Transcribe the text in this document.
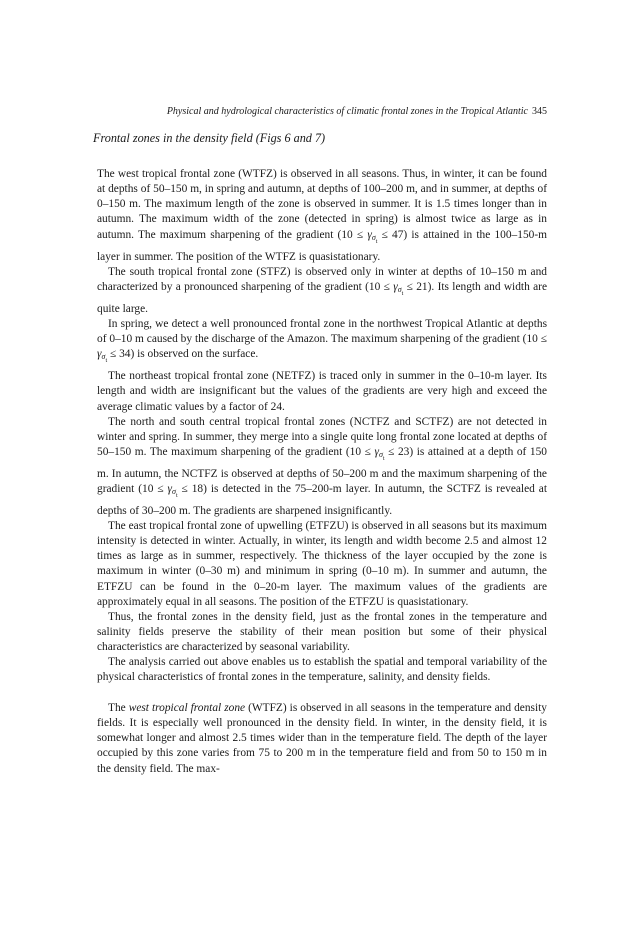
Physical and hydrological characteristics of climatic frontal zones in the Tropical Atlantic 345
Frontal zones in the density field (Figs 6 and 7)

The west tropical frontal zone (WTFZ) is observed in all seasons. Thus, in winter, it can be found at depths of 50–150 m, in spring and autumn, at depths of 100–200 m, and in summer, at depths of 0–150 m. The maximum length of the zone is observed in summer. It is 1.5 times longer than in autumn. The maximum width of the zone (detected in spring) is almost twice as large as in autumn. The maximum sharpening of the gradient $(10 \le \gamma_{\sigma_t} \le 47)$ is attained in the 100–150-m layer in summer. The position of the WTFZ is quasistationary.

The south tropical frontal zone (STFZ) is observed only in winter at depths of 10–150 m and characterized by a pronounced sharpening of the gradient $(10 \le \gamma_{\sigma_t} \le 21)$. Its length and width are quite large.

In spring, we detect a well pronounced frontal zone in the northwest Tropical Atlantic at depths of 0–10 m caused by the discharge of the Amazon. The maximum sharpening of the gradient $(10 \le \gamma_{\sigma_t} \le 34)$ is observed on the surface.

The northeast tropical frontal zone (NETFZ) is traced only in summer in the 0–10-m layer. Its length and width are insignificant but the values of the gradients are very high and exceed the average climatic values by a factor of 24.

The north and south central tropical frontal zones (NCTFZ and SCTFZ) are not detected in winter and spring. In summer, they merge into a single quite long frontal zone located at depths of 50–150 m. The maximum sharpening of the gradient $(10 \le \gamma_{\sigma_t} \le 23)$ is attained at a depth of 150 m. In autumn, the NCTFZ is observed at depths of 50–200 m and the maximum sharpening of the gradient $(10 \le \gamma_{\sigma_t} \le 18)$ is detected in the 75–200-m layer. In autumn, the SCTFZ is revealed at depths of 30–200 m. The gradients are sharpened insignificantly.

The east tropical frontal zone of upwelling (ETFZU) is observed in all seasons but its maximum intensity is detected in winter. Actually, in winter, its length and width become 2.5 and almost 12 times as large as in summer, respectively. The thickness of the layer occupied by the zone is maximum in winter (0–30 m) and minimum in spring (0–10 m). In summer and autumn, the ETFZU can be found in the 0–20-m layer. The maximum values of the gradients are approximately equal in all seasons. The position of the ETFZU is quasistationary.

Thus, the frontal zones in the density field, just as the frontal zones in the temperature and salinity fields preserve the stability of their mean position but some of their physical characteristics are characterized by seasonal variability.

The analysis carried out above enables us to establish the spatial and temporal variability of the physical characteristics of frontal zones in the temperature, salinity, and density fields.

The west tropical frontal zone (WTFZ) is observed in all seasons in the temperature and density fields. It is especially well pronounced in the density field. In winter, in the density field, it is somewhat longer and almost 2.5 times wider than in the temperature field. The depth of the layer occupied by this zone varies from 75 to 200 m in the temperature field and from 50 to 150 m in the density field. The max-
